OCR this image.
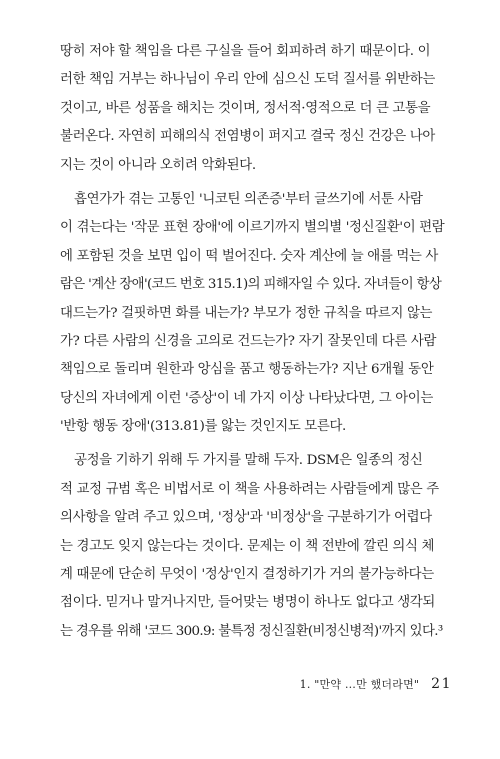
땅히 저야 할 책임을 다른 구실을 들어 회피하려 하기 때문이다. 이
러한 책임 거부는 하나님이 우리 안에 심으신 도덕 질서를 위반하는
것이고, 바른 성품을 해치는 것이며, 정서적·영적으로 더 큰 고통을
불러온다. 자연히 피해의식 전염병이 퍼지고 결국 정신 건강은 나아
지는 것이 아니라 오히려 악화된다.
흡연가가 겪는 고통인 '니코틴 의존증'부터 글쓰기에 서툰 사람
이 겪는다는 '작문 표현 장애'에 이르기까지 별의별 '정신질환'이 편람
에 포함된 것을 보면 입이 떡 벌어진다. 숫자 계산에 늘 애를 먹는 사
람은 '계산 장애'(코드 번호 315.1)의 피해자일 수 있다. 자녀들이 항상
대드는가? 걸핏하면 화를 내는가? 부모가 정한 규칙을 따르지 않는
가? 다른 사람의 신경을 고의로 건드는가? 자기 잘못인데 다른 사람
책임으로 돌리며 원한과 앙심을 품고 행동하는가? 지난 6개월 동안
당신의 자녀에게 이런 '증상'이 네 가지 이상 나타났다면, 그 아이는
'반항 행동 장애'(313.81)를 앓는 것인지도 모른다.
공정을 기하기 위해 두 가지를 말해 두자. DSM은 일종의 정신
적 교정 규범 혹은 비법서로 이 책을 사용하려는 사람들에게 많은 주
의사항을 알려 주고 있으며, '정상'과 '비정상'을 구분하기가 어렵다
는 경고도 잊지 않는다는 것이다. 문제는 이 책 전반에 깔린 의식 체
계 때문에 단순히 무엇이 '정상'인지 결정하기가 거의 불가능하다는
점이다. 믿거나 말거나지만, 들어맞는 병명이 하나도 없다고 생각되
는 경우를 위해 '코드 300.9: 불특정 정신질환(비정신병적)'까지 있다.³
1. "만약 …만 했더라면" 21
